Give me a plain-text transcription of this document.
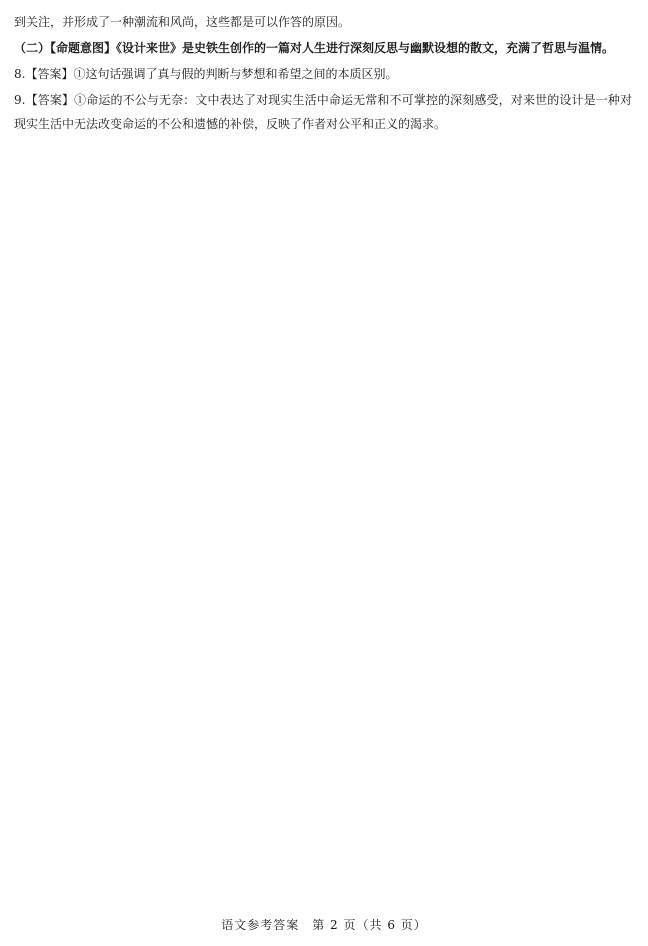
到关注，并形成了一种潮流和风尚，这些都是可以作答的原因。

（二）【命题意图】《设计来世》是史铁生创作的一篇对人生进行深刻反思与幽默设想的散文，充满了哲思与温情。

8.【答案】①这句话强调了真与假的判断与梦想和希望之间的本质区别。

9.【答案】①命运的不公与无奈：文中表达了对现实生活中命运无常和不可掌控的深刻感受，对来世的设计是一种对现实生活中无法改变命运的不公和遗憾的补偿，反映了作者对公平和正义的渴求。

语文参考答案　第 2 页（共 6 页）
